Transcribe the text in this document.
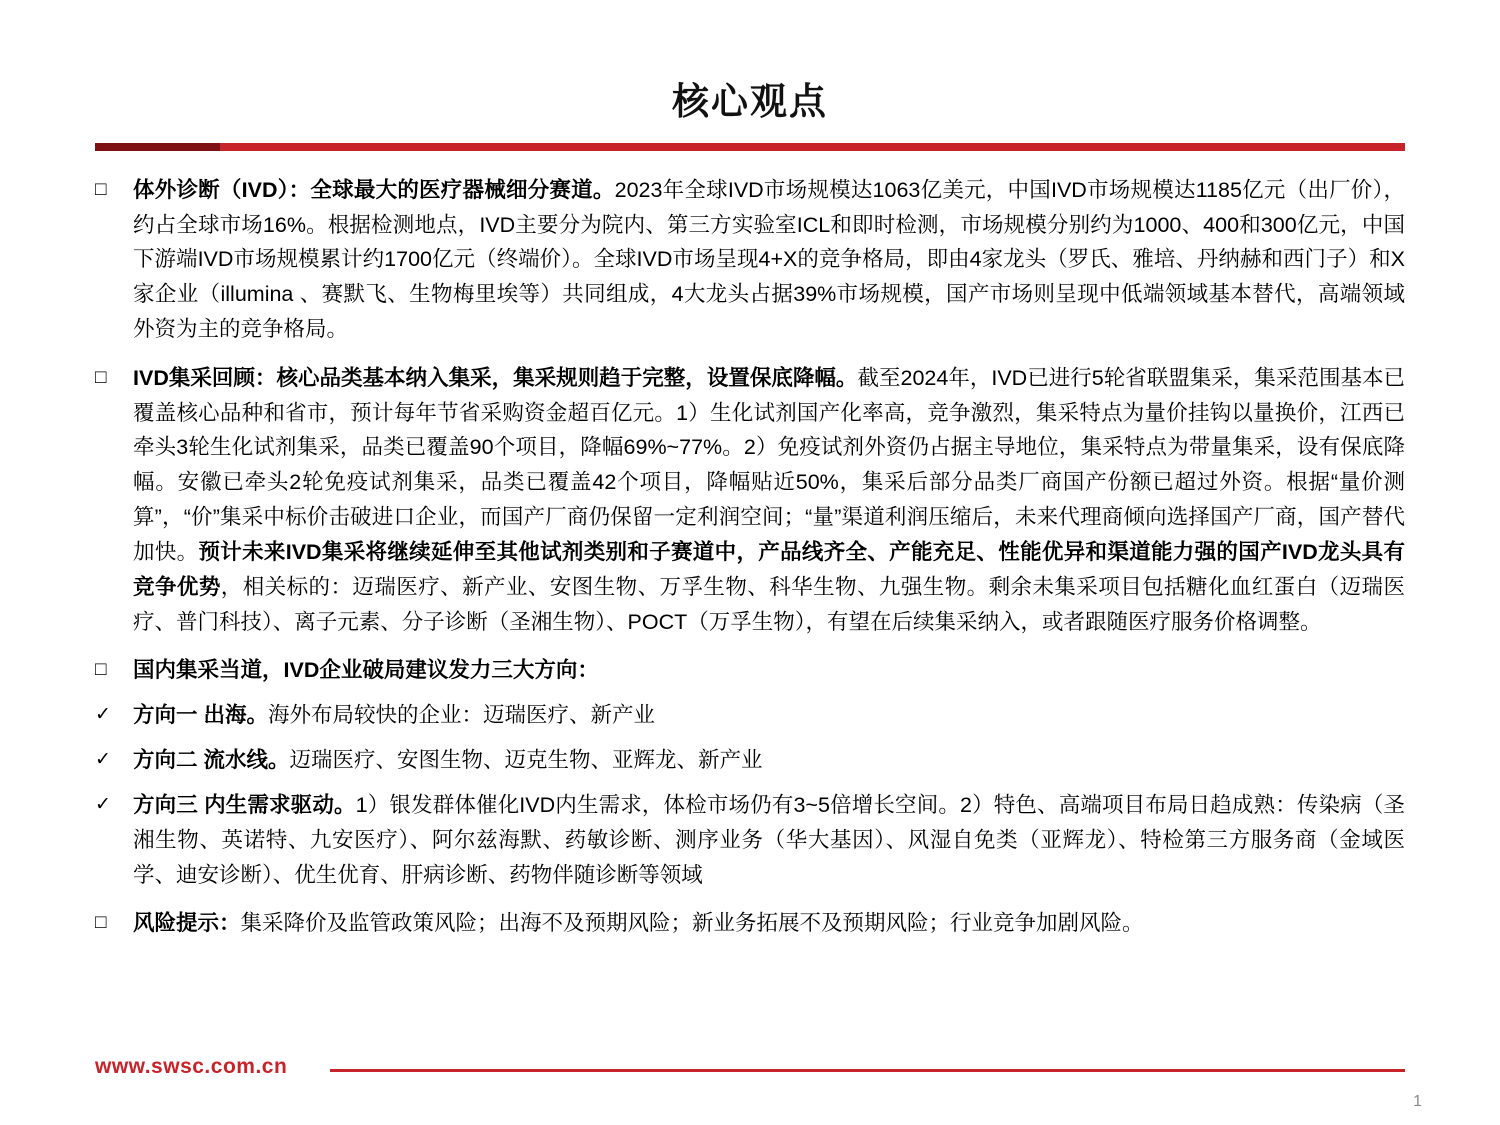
核心观点
□
体外诊断（IVD）：全球最大的医疗器械细分赛道。2023年全球IVD市场规模达1063亿美元，中国IVD市场规模达1185亿元（出厂价），约占全球市场16%。根据检测地点，IVD主要分为院内、第三方实验室ICL和即时检测，市场规模分别约为1000、400和300亿元，中国下游端IVD市场规模累计约1700亿元（终端价）。全球IVD市场呈现4+X的竞争格局，即由4家龙头（罗氏、雅培、丹纳赫和西门子）和X家企业（illumina 、赛默飞、生物梅里埃等）共同组成，4大龙头占据39%市场规模，国产市场则呈现中低端领域基本替代，高端领域外资为主的竞争格局。
□
IVD集采回顾：核心品类基本纳入集采，集采规则趋于完整，设置保底降幅。截至2024年，IVD已进行5轮省联盟集采，集采范围基本已覆盖核心品种和省市，预计每年节省采购资金超百亿元。1）生化试剂国产化率高，竞争激烈，集采特点为量价挂钩以量换价，江西已牵头3轮生化试剂集采，品类已覆盖90个项目，降幅69%~77%。2）免疫试剂外资仍占据主导地位，集采特点为带量集采，设有保底降幅。安徽已牵头2轮免疫试剂集采，品类已覆盖42个项目，降幅贴近50%，集采后部分品类厂商国产份额已超过外资。根据“量价测算”，“价”集采中标价击破进口企业，而国产厂商仍保留一定利润空间；“量”渠道利润压缩后，未来代理商倾向选择国产厂商，国产替代加快。预计未来IVD集采将继续延伸至其他试剂类别和子赛道中，产品线齐全、产能充足、性能优异和渠道能力强的国产IVD龙头具有竞争优势，相关标的：迈瑞医疗、新产业、安图生物、万孚生物、科华生物、九强生物。剩余未集采项目包括糖化血红蛋白（迈瑞医疗、普门科技）、离子元素、分子诊断（圣湘生物）、POCT（万孚生物），有望在后续集采纳入，或者跟随医疗服务价格调整。
□
国内集采当道，IVD企业破局建议发力三大方向：
✓
方向一 出海。海外布局较快的企业：迈瑞医疗、新产业
✓
方向二 流水线。迈瑞医疗、安图生物、迈克生物、亚辉龙、新产业
✓
方向三 内生需求驱动。1）银发群体催化IVD内生需求，体检市场仍有3~5倍增长空间。2）特色、高端项目布局日趋成熟：传染病（圣湘生物、英诺特、九安医疗）、阿尔兹海默、药敏诊断、测序业务（华大基因）、风湿自免类（亚辉龙）、特检第三方服务商（金域医学、迪安诊断）、优生优育、肝病诊断、药物伴随诊断等领域
□
风险提示：集采降价及监管政策风险；出海不及预期风险；新业务拓展不及预期风险；行业竞争加剧风险。
www.swsc.com.cn
1
